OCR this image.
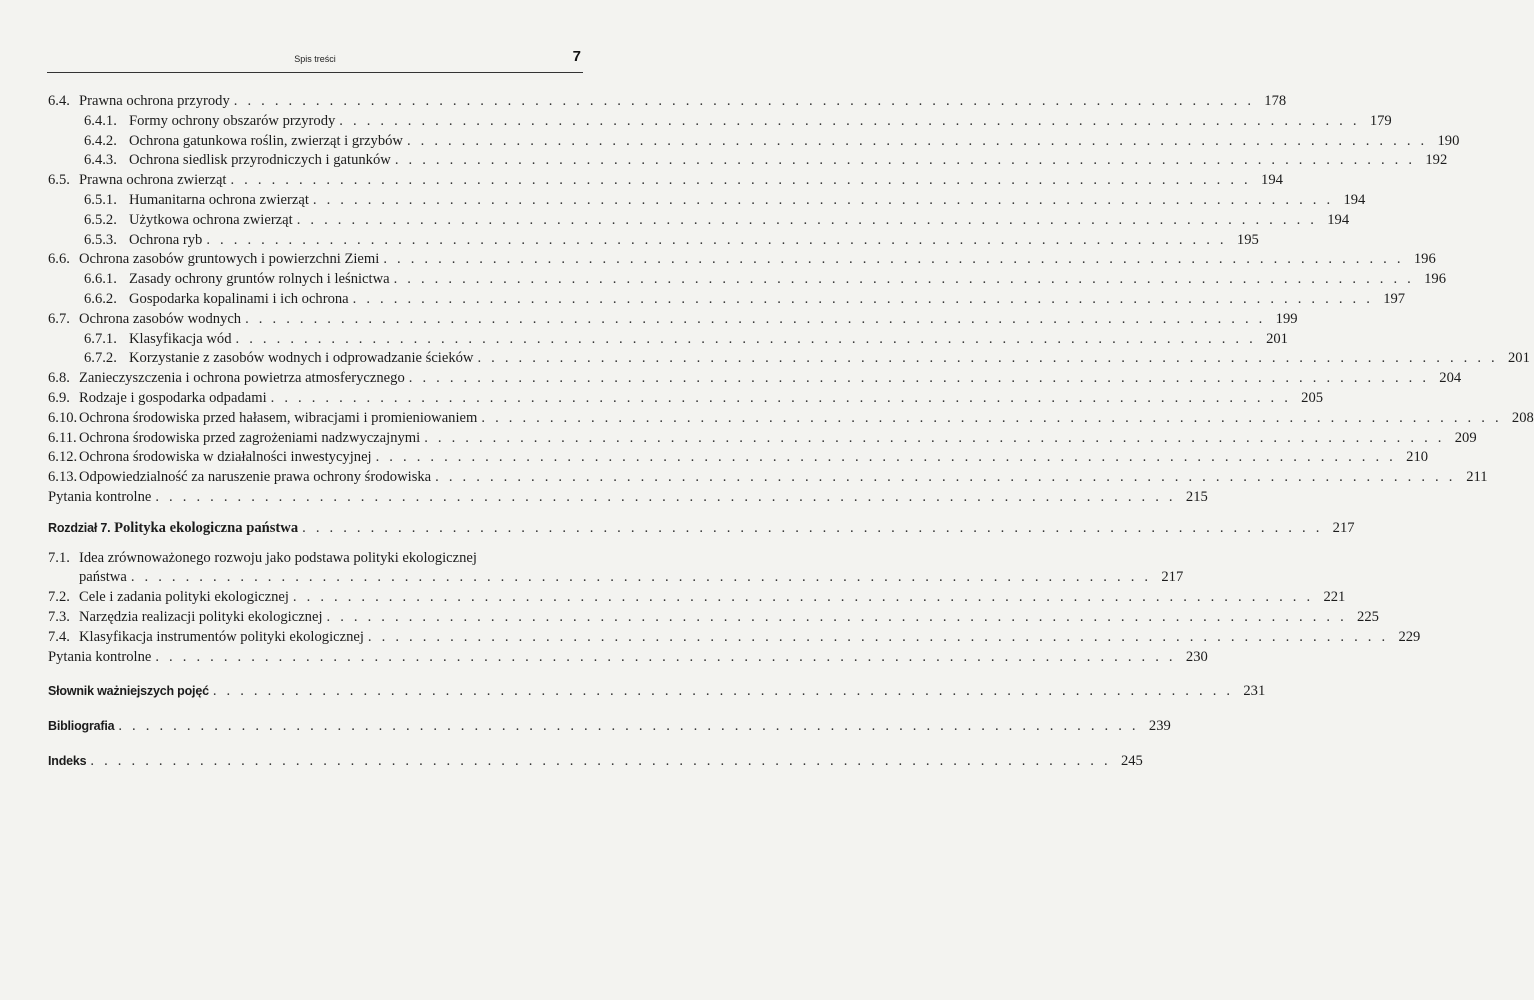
Spis treści	7
6.4. Prawna ochrona przyrody . . . . . . . . . . . . . . . . . . . . . . . . . . . . . . . . . . . . . . . . . . . . . . . . . . . . . . . . . . . . . . . . . . . . . . . . . . . 178
6.4.1. Formy ochrony obszarów przyrody . . . . . . . . . . . . . . . . . . . . . . . . . . . . . . . . . . . . . . . . . . . . . . . . . . . . . . . . . . . . . . . . . . . . . . . . . . . 179
6.4.2. Ochrona gatunkowa roślin, zwierząt i grzybów . . . . . . . . . . . . . . . . . . . . . . . . . . . . . . . . . . . . . . . . . . . . . . . . . . . . . . . . . . . . . . . . . . . . . . . . . . . 190
6.4.3. Ochrona siedlisk przyrodniczych i gatunków . . . . . . . . . . . . . . . . . . . . . . . . . . . . . . . . . . . . . . . . . . . . . . . . . . . . . . . . . . . . . . . . . . . . . . . . . . . 192
6.5. Prawna ochrona zwierząt . . . . . . . . . . . . . . . . . . . . . . . . . . . . . . . . . . . . . . . . . . . . . . . . . . . . . . . . . . . . . . . . . . . . . . . . . . . 194
6.5.1. Humanitarna ochrona zwierząt . . . . . . . . . . . . . . . . . . . . . . . . . . . . . . . . . . . . . . . . . . . . . . . . . . . . . . . . . . . . . . . . . . . . . . . . . . . 194
6.5.2. Użytkowa ochrona zwierząt . . . . . . . . . . . . . . . . . . . . . . . . . . . . . . . . . . . . . . . . . . . . . . . . . . . . . . . . . . . . . . . . . . . . . . . . . . . 194
6.5.3. Ochrona ryb . . . . . . . . . . . . . . . . . . . . . . . . . . . . . . . . . . . . . . . . . . . . . . . . . . . . . . . . . . . . . . . . . . . . . . . . . . . 195
6.6. Ochrona zasobów gruntowych i powierzchni Ziemi . . . . . . . . . . . . . . . . . . . . . . . . . . . . . . . . . . . . . . . . . . . . . . . . . . . . . . . . . . . . . . . . . . . . . . . . . . . 196
6.6.1. Zasady ochrony gruntów rolnych i leśnictwa . . . . . . . . . . . . . . . . . . . . . . . . . . . . . . . . . . . . . . . . . . . . . . . . . . . . . . . . . . . . . . . . . . . . . . . . . . . 196
6.6.2. Gospodarka kopalinami i ich ochrona . . . . . . . . . . . . . . . . . . . . . . . . . . . . . . . . . . . . . . . . . . . . . . . . . . . . . . . . . . . . . . . . . . . . . . . . . . . 197
6.7. Ochrona zasobów wodnych . . . . . . . . . . . . . . . . . . . . . . . . . . . . . . . . . . . . . . . . . . . . . . . . . . . . . . . . . . . . . . . . . . . . . . . . . . . 199
6.7.1. Klasyfikacja wód . . . . . . . . . . . . . . . . . . . . . . . . . . . . . . . . . . . . . . . . . . . . . . . . . . . . . . . . . . . . . . . . . . . . . . . . . . . 201
6.7.2. Korzystanie z zasobów wodnych i odprowadzanie ścieków . . . . . . . . . . . . . . . . . . . . . . . . . . . . . . . . . . . . . . . . . . . . . . . . . . . . . . . . . . . . . . . . . . . . . . . . . . . 201
6.8. Zanieczyszczenia i ochrona powietrza atmosferycznego . . . . . . . . . . . . . . . . . . . . . . . . . . . . . . . . . . . . . . . . . . . . . . . . . . . . . . . . . . . . . . . . . . . . . . . . . . . 204
6.9. Rodzaje i gospodarka odpadami . . . . . . . . . . . . . . . . . . . . . . . . . . . . . . . . . . . . . . . . . . . . . . . . . . . . . . . . . . . . . . . . . . . . . . . . . . . 205
6.10. Ochrona środowiska przed hałasem, wibracjami i promieniowaniem . . . . . . . . . . . . . . . . . . . . . . . . . . . . . . . . . . . . . . . . . . . . . . . . . . . . . . . . . . . . . . . . . . . . . . . . . . . 208
6.11. Ochrona środowiska przed zagrożeniami nadzwyczajnymi . . . . . . . . . . . . . . . . . . . . . . . . . . . . . . . . . . . . . . . . . . . . . . . . . . . . . . . . . . . . . . . . . . . . . . . . . . . 209
6.12. Ochrona środowiska w działalności inwestycyjnej . . . . . . . . . . . . . . . . . . . . . . . . . . . . . . . . . . . . . . . . . . . . . . . . . . . . . . . . . . . . . . . . . . . . . . . . . . . 210
6.13. Odpowiedzialność za naruszenie prawa ochrony środowiska . . . . . . . . . . . . . . . . . . . . . . . . . . . . . . . . . . . . . . . . . . . . . . . . . . . . . . . . . . . . . . . . . . . . . . . . . . . 211
Pytania kontrolne . . . . . . . . . . . . . . . . . . . . . . . . . . . . . . . . . . . . . . . . . . . . . . . . . . . . . . . . . . . . . . . . . . . . . . . . . . . 215
Rozdział 7. Polityka ekologiczna państwa . . . . . . . . . . . . . . . . . . . . . . . . . . . . . . . . . . . . . . . . . . . . . . . . . . . . . . . . . . . . . . . . . . . . . . . . . . . 217
7.1. Idea zrównoważonego rozwoju jako podstawa polityki ekologicznej
państwa . . . . . . . . . . . . . . . . . . . . . . . . . . . . . . . . . . . . . . . . . . . . . . . . . . . . . . . . . . . . . . . . . . . . . . . . . . . 217
7.2. Cele i zadania polityki ekologicznej . . . . . . . . . . . . . . . . . . . . . . . . . . . . . . . . . . . . . . . . . . . . . . . . . . . . . . . . . . . . . . . . . . . . . . . . . . . 221
7.3. Narzędzia realizacji polityki ekologicznej . . . . . . . . . . . . . . . . . . . . . . . . . . . . . . . . . . . . . . . . . . . . . . . . . . . . . . . . . . . . . . . . . . . . . . . . . . . 225
7.4. Klasyfikacja instrumentów polityki ekologicznej . . . . . . . . . . . . . . . . . . . . . . . . . . . . . . . . . . . . . . . . . . . . . . . . . . . . . . . . . . . . . . . . . . . . . . . . . . . 229
Pytania kontrolne . . . . . . . . . . . . . . . . . . . . . . . . . . . . . . . . . . . . . . . . . . . . . . . . . . . . . . . . . . . . . . . . . . . . . . . . . . . 230
Słownik ważniejszych pojęć . . . . . . . . . . . . . . . . . . . . . . . . . . . . . . . . . . . . . . . . . . . . . . . . . . . . . . . . . . . . . . . . . . . . . . . . . . . 231
Bibliografia . . . . . . . . . . . . . . . . . . . . . . . . . . . . . . . . . . . . . . . . . . . . . . . . . . . . . . . . . . . . . . . . . . . . . . . . . . . 239
Indeks . . . . . . . . . . . . . . . . . . . . . . . . . . . . . . . . . . . . . . . . . . . . . . . . . . . . . . . . . . . . . . . . . . . . . . . . . . . 245
